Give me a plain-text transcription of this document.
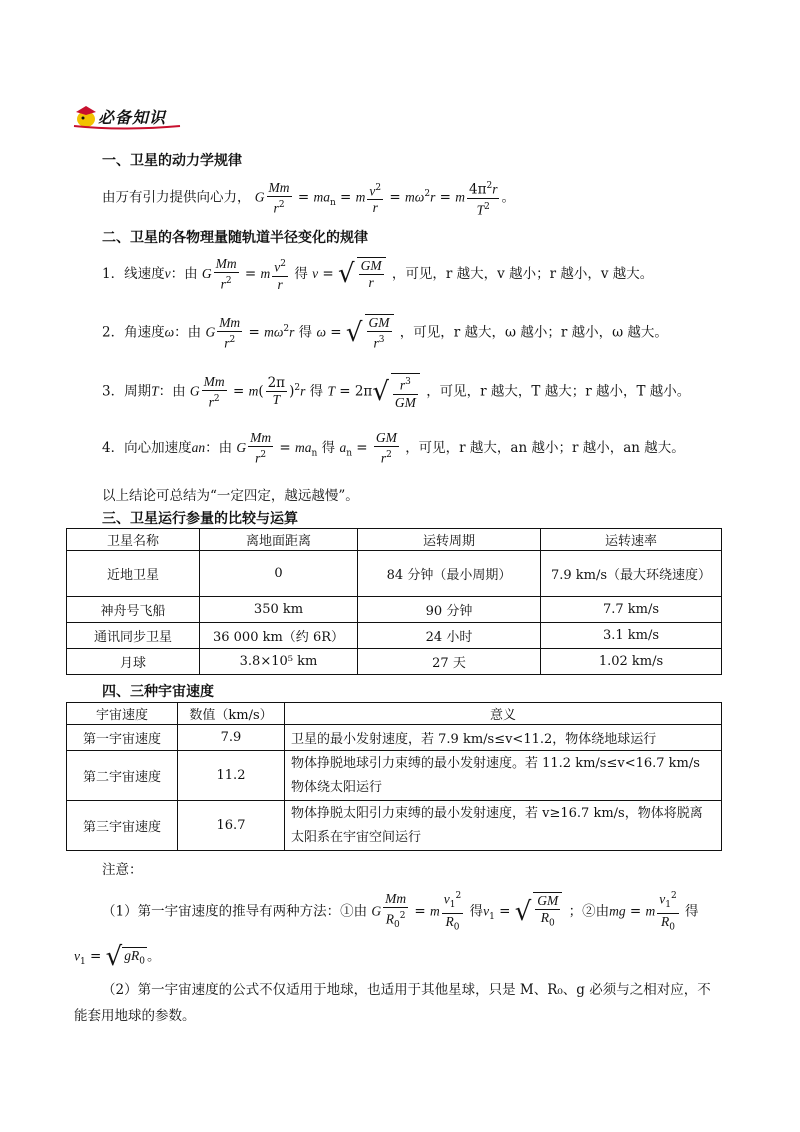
必备知识
一、卫星的动力学规律
由万有引力提供向心力， G $\frac{Mm}{r^2} = ma_n = m \frac{v^2}{r} = m\omega^2r = m \frac{4\pi^2r}{T^2}$ 。
二、卫星的各物理量随轨道半径变化的规律
1．线速度v：由 G $\frac{Mm}{r^2} = m \frac{v^2}{r}$ 得 v = √ $\frac{GM}{r}$ ，可见，r 越大，v 越小；r 越小，v 越大。
2．角速度ω：由 G $\frac{Mm}{r^2} = m\omega^2r$ 得 ω = √ $\frac{GM}{r^3}$ ，可见，r 越大，ω 越小；r 越小，ω 越大。
3．周期T：由 G $\frac{Mm}{r^2} = m( \frac{2\pi}{T} )^2r$ 得 T = 2π √ $\frac{r^3}{GM}$ ，可见，r 越大，T 越大；r 越小，T 越小。
4．向心加速度an：由 G $\frac{Mm}{r^2} = ma_n$ 得 $a_n = \frac{GM}{r^2}$ ，可见，r 越大，an 越小；r 越小，an 越大。
以上结论可总结为“一定四定，越远越慢”。
三、卫星运行参量的比较与运算
卫星名称	离地面距离	运转周期	运转速率
近地卫星	0	84 分钟（最小周期）	7.9 km/s（最大环绕速度）
神舟号飞船	350 km	90 分钟	7.7 km/s
通讯同步卫星	36 000 km（约 6R）	24 小时	3.1 km/s
月球	3.8×10⁵ km	27 天	1.02 km/s
四、三种宇宙速度
宇宙速度	数值（km/s）	意义
第一宇宙速度	7.9	卫星的最小发射速度，若 7.9 km/s≤v<11.2，物体绕地球运行
第二宇宙速度	11.2	物体挣脱地球引力束缚的最小发射速度。若 11.2 km/s≤v<16.7 km/s 物体绕太阳运行
第三宇宙速度	16.7	物体挣脱太阳引力束缚的最小发射速度，若 v≥16.7 km/s，物体将脱离太阳系在宇宙空间运行
注意：
（1）第一宇宙速度的推导有两种方法：①由 G $\frac{Mm}{R_0^2} = m \frac{v_1^2}{R_0}$ 得$v_1$ = √ $\frac{GM}{R_0}$ ；②由mg = m $\frac{v_1^2}{R_0}$ 得
$v_1$ = √ $gR_0$ 。
（2）第一宇宙速度的公式不仅适用于地球，也适用于其他星球，只是 M、R₀、g 必须与之相对应，不能套用地球的参数。
